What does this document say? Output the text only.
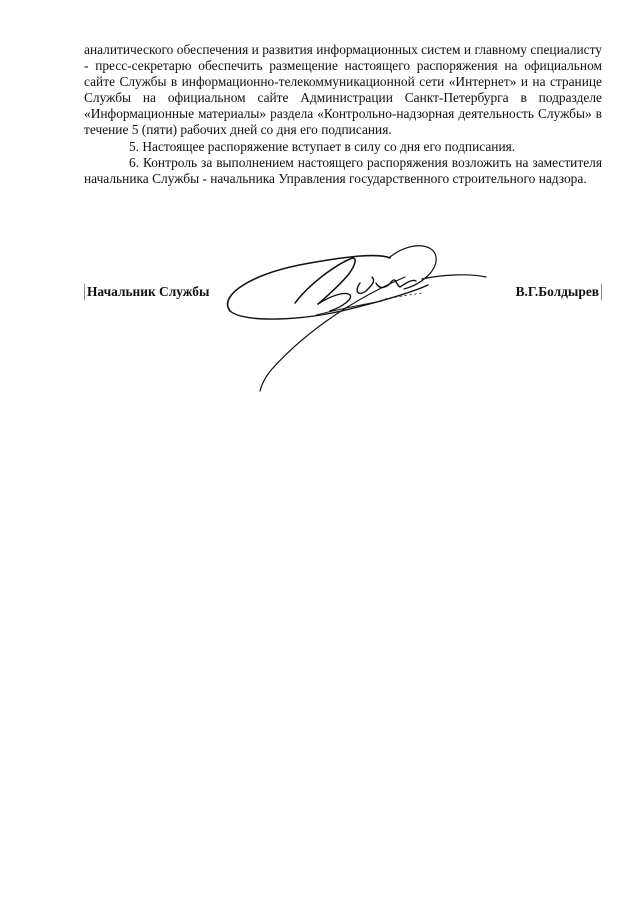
аналитического обеспечения и развития информационных систем и главному специалисту - пресс-секретарю обеспечить размещение настоящего распоряжения на официальном сайте Службы в информационно-телекоммуникационной сети «Интернет» и на странице Службы на официальном сайте Администрации Санкт-Петербурга в подразделе «Информационные материалы» раздела «Контрольно-надзорная деятельность Службы» в течение 5 (пяти) рабочих дней со дня его подписания.

5. Настоящее распоряжение вступает в силу со дня его подписания.

6. Контроль за выполнением настоящего распоряжения возложить на заместителя начальника Службы - начальника Управления государственного строительного надзора.

Начальник Службы	В.Г.Болдырев
